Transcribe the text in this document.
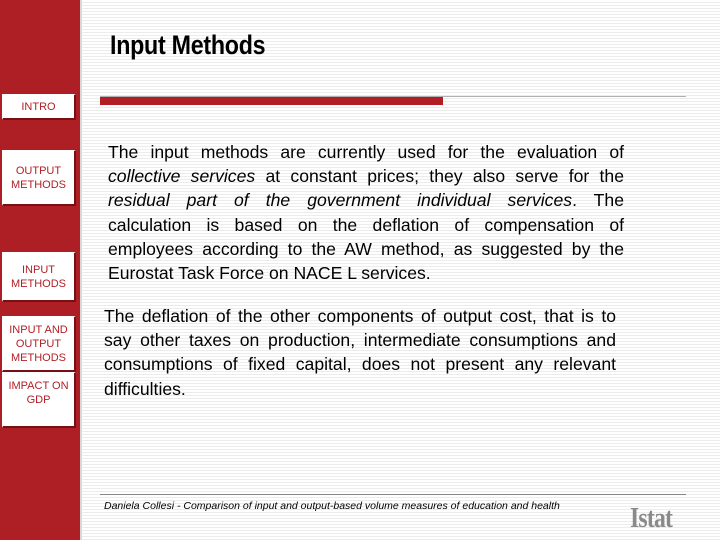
INTRO
OUTPUT METHODS
INPUT METHODS
INPUT AND OUTPUT METHODS
IMPACT ON GDP
Input Methods
The input methods are currently used for the evaluation of collective services at constant prices; they also serve for the residual part of the government individual services. The calculation is based on the deflation of compensation of employees according to the AW method, as suggested by the Eurostat Task Force on NACE L services.
The deflation of the other components of output cost, that is to say other taxes on production, intermediate consumptions and consumptions of fixed capital, does not present any relevant difficulties.
Daniela Collesi - Comparison of input and output-based volume measures of education and health	Istat
